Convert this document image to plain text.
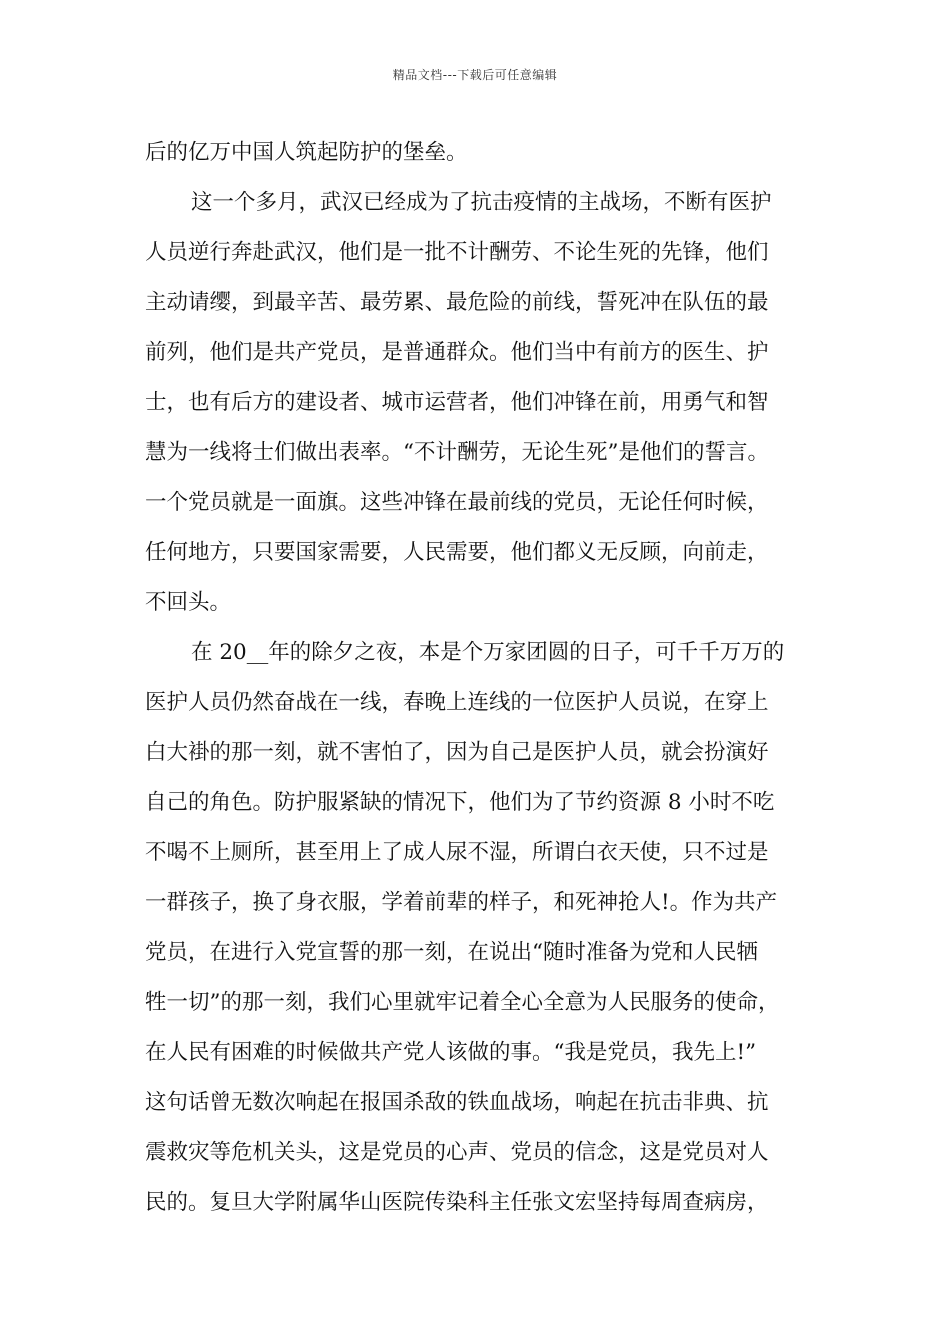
精品文档---下载后可任意编辑
后的亿万中国人筑起防护的堡垒。
这一个多月，武汉已经成为了抗击疫情的主战场，不断有医护
人员逆行奔赴武汉，他们是一批不计酬劳、不论生死的先锋，他们
主动请缨，到最辛苦、最劳累、最危险的前线，誓死冲在队伍的最
前列，他们是共产党员，是普通群众。他们当中有前方的医生、护
士，也有后方的建设者、城市运营者，他们冲锋在前，用勇气和智
慧为一线将士们做出表率。“不计酬劳，无论生死”是他们的誓言。
一个党员就是一面旗。这些冲锋在最前线的党员，无论任何时候，
任何地方，只要国家需要，人民需要，他们都义无反顾，向前走，
不回头。
在 20__年的除夕之夜，本是个万家团圆的日子，可千千万万的
医护人员仍然奋战在一线，春晚上连线的一位医护人员说，在穿上
白大褂的那一刻，就不害怕了，因为自己是医护人员，就会扮演好
自己的角色。防护服紧缺的情况下，他们为了节约资源 8 小时不吃
不喝不上厕所，甚至用上了成人尿不湿，所谓白衣天使，只不过是
一群孩子，换了身衣服，学着前辈的样子，和死神抢人!。作为共产
党员，在进行入党宣誓的那一刻，在说出“随时准备为党和人民牺
牲一切”的那一刻，我们心里就牢记着全心全意为人民服务的使命，
在人民有困难的时候做共产党人该做的事。“我是党员，我先上!”
这句话曾无数次响起在报国杀敌的铁血战场，响起在抗击非典、抗
震救灾等危机关头，这是党员的心声、党员的信念，这是党员对人
民的。复旦大学附属华山医院传染科主任张文宏坚持每周查病房，
